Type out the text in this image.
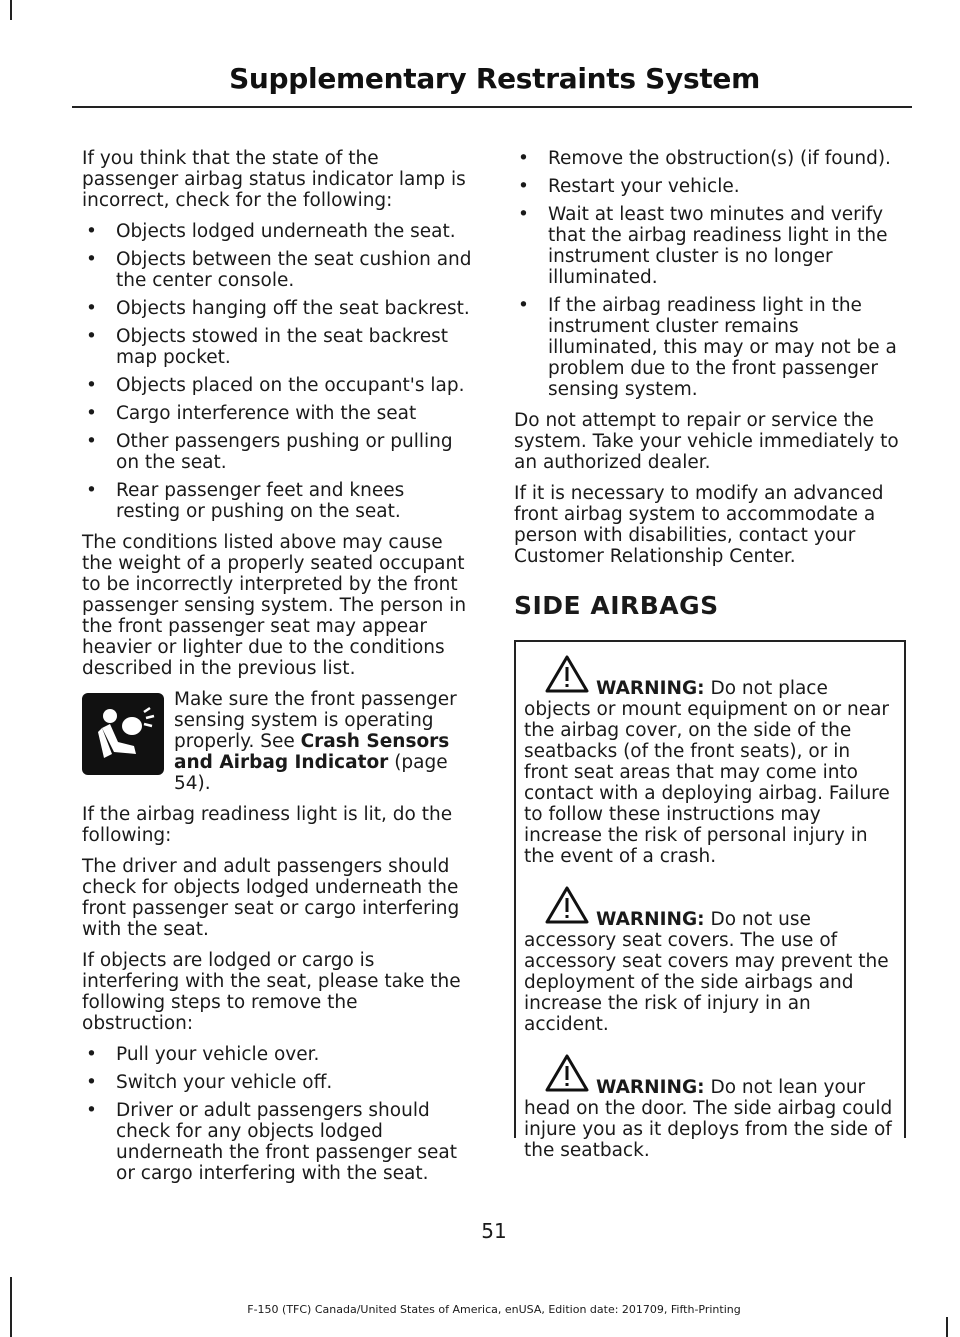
Supplementary Restraints System

If you think that the state of the passenger airbag status indicator lamp is incorrect, check for the following:

• Objects lodged underneath the seat.
• Objects between the seat cushion and the center console.
• Objects hanging off the seat backrest.
• Objects stowed in the seat backrest map pocket.
• Objects placed on the occupant's lap.
• Cargo interference with the seat
• Other passengers pushing or pulling on the seat.
• Rear passenger feet and knees resting or pushing on the seat.

The conditions listed above may cause the weight of a properly seated occupant to be incorrectly interpreted by the front passenger sensing system. The person in the front passenger seat may appear heavier or lighter due to the conditions described in the previous list.

Make sure the front passenger sensing system is operating properly. See Crash Sensors and Airbag Indicator (page 54).

If the airbag readiness light is lit, do the following:

The driver and adult passengers should check for objects lodged underneath the front passenger seat or cargo interfering with the seat.

If objects are lodged or cargo is interfering with the seat, please take the following steps to remove the obstruction:

• Pull your vehicle over.
• Switch your vehicle off.
• Driver or adult passengers should check for any objects lodged underneath the front passenger seat or cargo interfering with the seat.
• Remove the obstruction(s) (if found).
• Restart your vehicle.
• Wait at least two minutes and verify that the airbag readiness light in the instrument cluster is no longer illuminated.
• If the airbag readiness light in the instrument cluster remains illuminated, this may or may not be a problem due to the front passenger sensing system.

Do not attempt to repair or service the system. Take your vehicle immediately to an authorized dealer.

If it is necessary to modify an advanced front airbag system to accommodate a person with disabilities, contact your Customer Relationship Center.

SIDE AIRBAGS
WARNING: Do not place objects or mount equipment on or near the airbag cover, on the side of the seatbacks (of the front seats), or in front seat areas that may come into contact with a deploying airbag. Failure to follow these instructions may increase the risk of personal injury in the event of a crash.
WARNING: Do not use accessory seat covers. The use of accessory seat covers may prevent the deployment of the side airbags and increase the risk of injury in an accident.
WARNING: Do not lean your head on the door. The side airbag could injure you as it deploys from the side of the seatback.
51
F-150 (TFC) Canada/United States of America, enUSA, Edition date: 201709, Fifth-Printing
